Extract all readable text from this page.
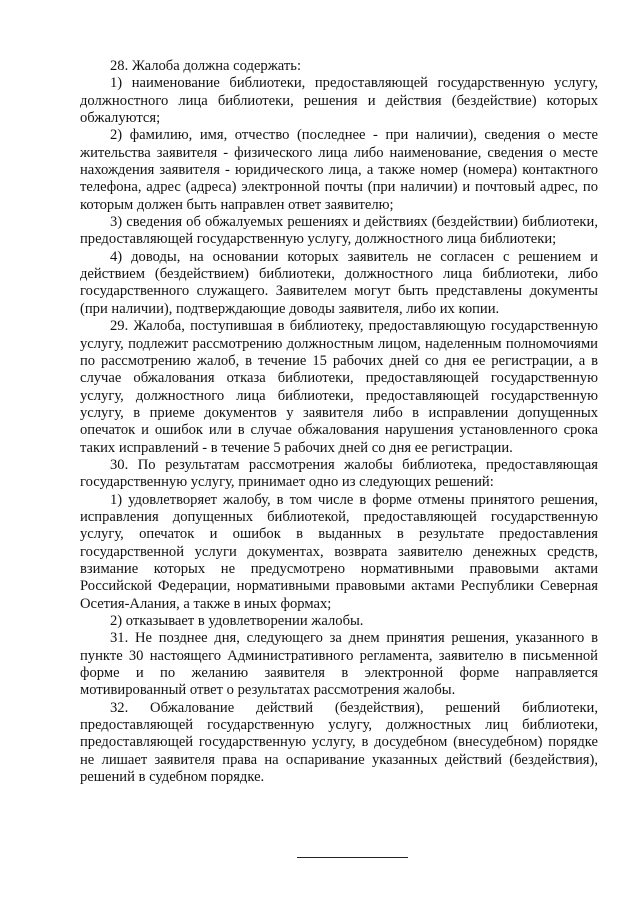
28. Жалоба должна содержать:

1) наименование библиотеки, предоставляющей государственную услугу, должностного лица библиотеки, решения и действия (бездействие) которых обжалуются;

2) фамилию, имя, отчество (последнее - при наличии), сведения о месте жительства заявителя - физического лица либо наименование, сведения о месте нахождения заявителя - юридического лица, а также номер (номера) контактного телефона, адрес (адреса) электронной почты (при наличии) и почтовый адрес, по которым должен быть направлен ответ заявителю;

3) сведения об обжалуемых решениях и действиях (бездействии) библиотеки, предоставляющей государственную услугу, должностного лица библиотеки;

4) доводы, на основании которых заявитель не согласен с решением и действием (бездействием) библиотеки, должностного лица библиотеки, либо государственного служащего. Заявителем могут быть представлены документы (при наличии), подтверждающие доводы заявителя, либо их копии.

29. Жалоба, поступившая в библиотеку, предоставляющую государственную услугу, подлежит рассмотрению должностным лицом, наделенным полномочиями по рассмотрению жалоб, в течение 15 рабочих дней со дня ее регистрации, а в случае обжалования отказа библиотеки, предоставляющей государственную услугу, должностного лица библиотеки, предоставляющей государственную услугу, в приеме документов у заявителя либо в исправлении допущенных опечаток и ошибок или в случае обжалования нарушения установленного срока таких исправлений - в течение 5 рабочих дней со дня ее регистрации.

30. По результатам рассмотрения жалобы библиотека, предоставляющая государственную услугу, принимает одно из следующих решений:

1) удовлетворяет жалобу, в том числе в форме отмены принятого решения, исправления допущенных библиотекой, предоставляющей государственную услугу, опечаток и ошибок в выданных в результате предоставления государственной услуги документах, возврата заявителю денежных средств, взимание которых не предусмотрено нормативными правовыми актами Российской Федерации, нормативными правовыми актами Республики Северная Осетия-Алания, а также в иных формах;

2) отказывает в удовлетворении жалобы.

31. Не позднее дня, следующего за днем принятия решения, указанного в пункте 30 настоящего Административного регламента, заявителю в письменной форме и по желанию заявителя в электронной форме направляется мотивированный ответ о результатах рассмотрения жалобы.

32. Обжалование действий (бездействия), решений библиотеки, предоставляющей государственную услугу, должностных лиц библиотеки, предоставляющей государственную услугу, в досудебном (внесудебном) порядке не лишает заявителя права на оспаривание указанных действий (бездействия), решений в судебном порядке.
